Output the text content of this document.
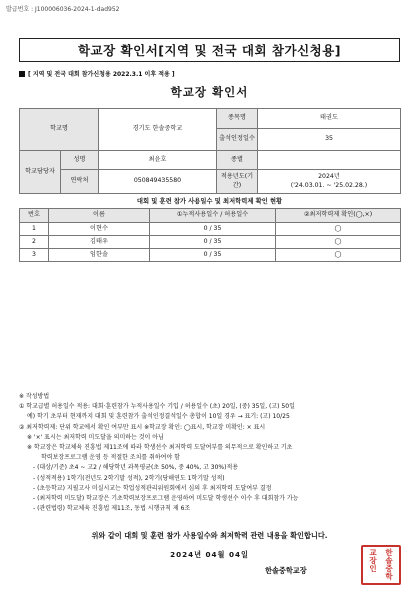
발급번호 : J100006036-2024-1-dad952
학교장 확인서[지역 및 전국 대회 참가신청용]
[ 지역 및 전국 대회 참가신청용 2022.3.1 이후 적용 ]
학교장 확인서
학교명		경기도 한솔중학교	종목명	태권도
			출석인정일수	35
학교담당자	성명	최윤호	종별	
	연락처	050849435580	적용년도(기간)	2024년
('24.03.01. ~ '25.02.28.)
대회 및 훈련 참가 사용일수 및 최저학력제 확인 현황
번호	이름	①누적사용일수 / 허용일수	②최저학력제 확인(◯,×)
1	이현수	0 / 35	◯
2	김태우	0 / 35	◯
3	임한솔	0 / 35	◯
※ 작성방법
① 학교급별 허용일수 적용: 대회·훈련참가 누적사용일수 기입 / 허용일수 (초) 20일, (중) 35일, (고) 50일
예) 학기 초부터 현재까지 대회 및 훈련참가 출석인정결석일수 총합이 10일 경우 → 표기: (고) 10/25
② 최저학력제: 단위 학교에서 확인 여부만 표시 ※학교장 확인: ◯표시, 학교장 미확인: × 표시
※ '×' 표시는 최저학력 미도달을 의미하는 것이 아님
※ 학교장은 학교체육 진흥법 제11조에 따라 학생선수 최저학력 도달여부를 의무적으로 확인하고 기초
학력보장프로그램 운영 등 적절한 조치를 취하여야 함
- (대상/기준) 초4 ~ 고2 / 해당학년 과목평균(초 50%, 중 40%, 고 30%)적용
- (성적적용) 1학기(전년도 2학기말 성적), 2학기(당해연도 1학기말 성적)
- (초등학교) 지필고사 미실시교는 학업성적관리위원회에서 심의 후 최저학력 도달여부 결정
- (최저학력 미도달) 학교장은 기초학력보장프로그램 운영하여 미도달 학생선수 이수 후 대회참가 가능
- (관련법령) 학교체육 진흥법 제11조, 동법 시행규칙 제 6조
위와 같이 대회 및 훈련 참가 사용일수와 최저학력 관련 내용을 확인합니다.
2024년 04월 04일
한솔중학교장
교	한
장	솔
인	중
학
